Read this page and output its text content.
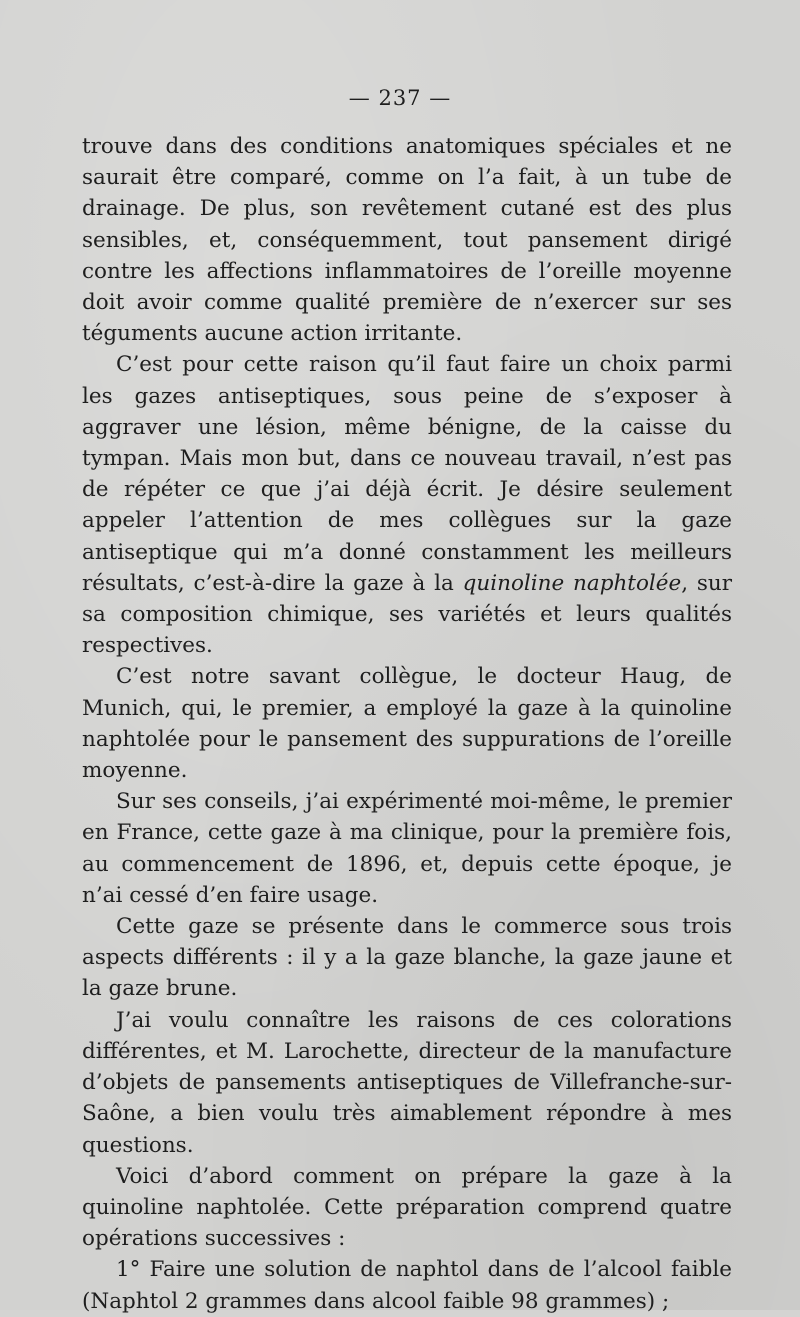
— 237 —

trouve dans des conditions anatomiques spéciales et ne saurait être comparé, comme on l’a fait, à un tube de drainage. De plus, son revêtement cutané est des plus sensibles, et, conséquemment, tout pansement dirigé contre les affections inflammatoires de l’oreille moyenne doit avoir comme qualité première de n’exercer sur ses téguments aucune action irritante.

C’est pour cette raison qu’il faut faire un choix parmi les gazes antiseptiques, sous peine de s’exposer à aggraver une lésion, même bénigne, de la caisse du tympan. Mais mon but, dans ce nouveau travail, n’est pas de répéter ce que j’ai déjà écrit. Je désire seulement appeler l’attention de mes collègues sur la gaze antiseptique qui m’a donné constamment les meilleurs résultats, c’est-à-dire la gaze à la quinoline naphtolée, sur sa composition chimique, ses variétés et leurs qualités respectives.

C’est notre savant collègue, le docteur Haug, de Munich, qui, le premier, a employé la gaze à la quinoline naphtolée pour le pansement des suppurations de l’oreille moyenne.

Sur ses conseils, j’ai expérimenté moi-même, le premier en France, cette gaze à ma clinique, pour la première fois, au commencement de 1896, et, depuis cette époque, je n’ai cessé d’en faire usage.

Cette gaze se présente dans le commerce sous trois aspects différents : il y a la gaze blanche, la gaze jaune et la gaze brune.

J’ai voulu connaître les raisons de ces colorations différentes, et M. Larochette, directeur de la manufacture d’objets de pansements antiseptiques de Villefranche-sur-Saône, a bien voulu très aimablement répondre à mes questions.

Voici d’abord comment on prépare la gaze à la quinoline naphtolée. Cette préparation comprend quatre opérations successives :

1° Faire une solution de naphtol dans de l’alcool faible (Naphtol 2 grammes dans alcool faible 98 grammes) ;
